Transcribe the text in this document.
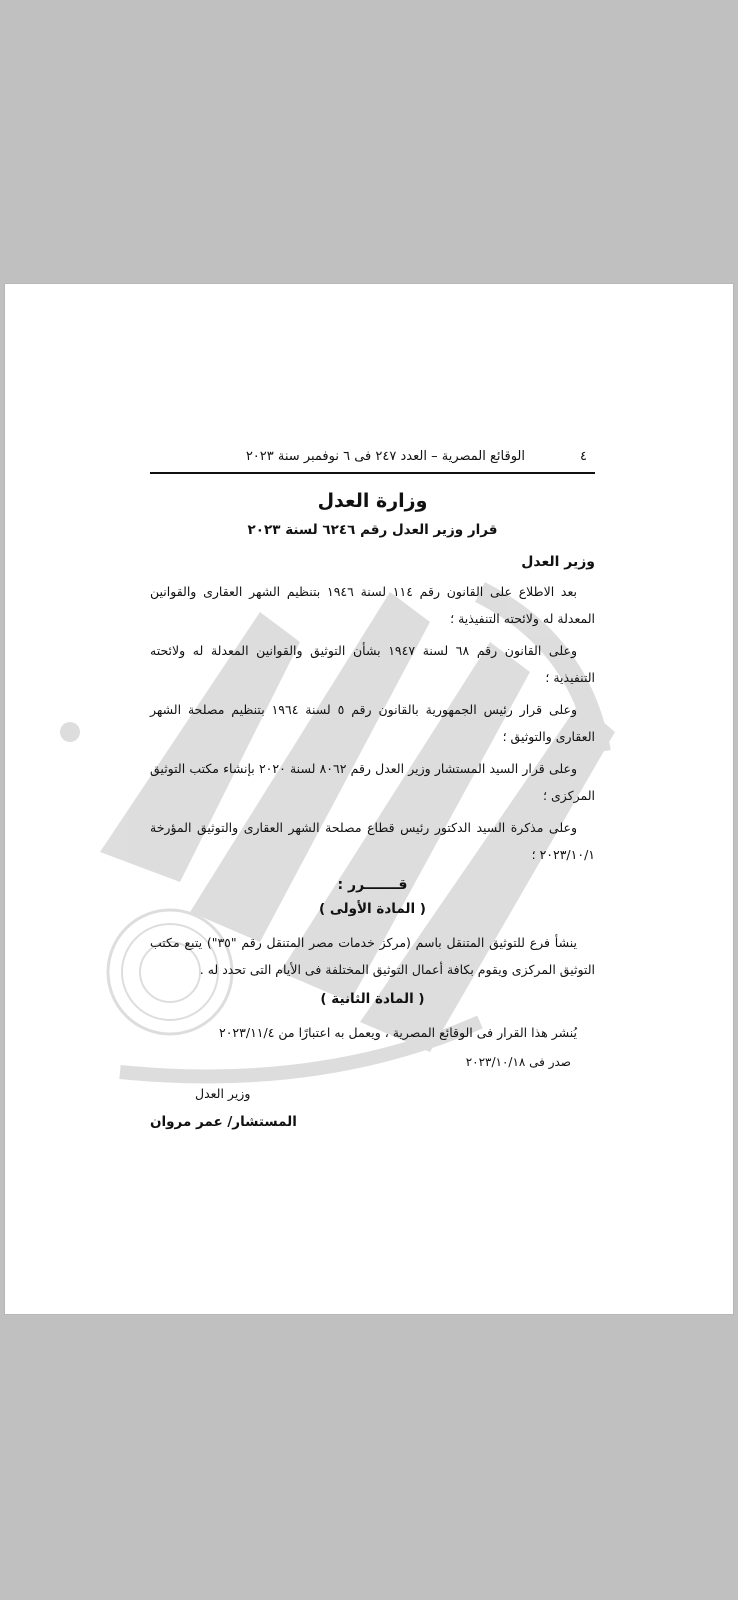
٤
الوقائع المصرية – العدد ٢٤٧ فى ٦ نوفمبر سنة ٢٠٢٣
وزارة العدل
قرار وزير العدل رقم ٦٢٤٦ لسنة ٢٠٢٣
وزير العدل

بعد الاطلاع على القانون رقم ١١٤ لسنة ١٩٤٦ بتنظيم الشهر العقارى والقوانين المعدلة له ولائحته التنفيذية ؛

وعلى القانون رقم ٦٨ لسنة ١٩٤٧ بشأن التوثيق والقوانين المعدلة له ولائحته التنفيذية ؛

وعلى قرار رئيس الجمهورية بالقانون رقم ٥ لسنة ١٩٦٤ بتنظيم مصلحة الشهر العقارى والتوثيق ؛

وعلى قرار السيد المستشار وزير العدل رقم ٨٠٦٢ لسنة ٢٠٢٠ بإنشاء مكتب التوثيق المركزى ؛

وعلى مذكرة السيد الدكتور رئيس قطاع مصلحة الشهر العقارى والتوثيق المؤرخة ٢٠٢٣/١٠/١ ؛

قـــــــرر :
( المادة الأولى )

ينشأ فرع للتوثيق المتنقل باسم (مركز خدمات مصر المتنقل رقم "٣٥") يتبع مكتب التوثيق المركزى ويقوم بكافة أعمال التوثيق المختلفة فى الأيام التى تحدد له .

( المادة الثانية )

يُنشر هذا القرار فى الوقائع المصرية ، ويعمل به اعتبارًا من ٢٠٢٣/١١/٤

صدر فى ٢٠٢٣/١٠/١٨
وزير العدل
المستشار/ عمر مروان
